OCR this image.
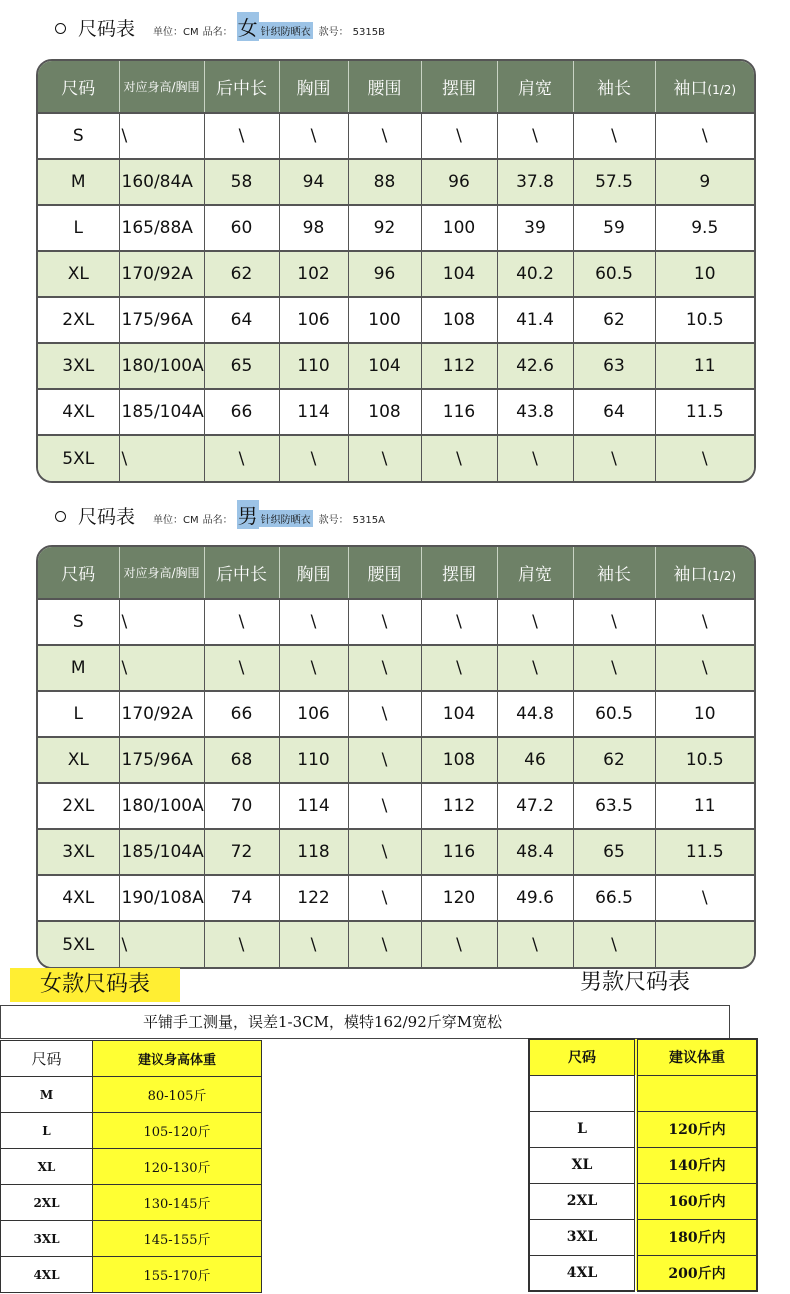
尺码表 单位：CM 品名： 女 针织防晒衣 款号： 5315B
尺码	对应身高/胸围	后中长	胸围	腰围	摆围	肩宽	袖长	袖口(1/2)
S	\	\	\	\	\	\	\	\
M	160/84A	58	94	88	96	37.8	57.5	9
L	165/88A	60	98	92	100	39	59	9.5
XL	170/92A	62	102	96	104	40.2	60.5	10
2XL	175/96A	64	106	100	108	41.4	62	10.5
3XL	180/100A	65	110	104	112	42.6	63	11
4XL	185/104A	66	114	108	116	43.8	64	11.5
5XL	\	\	\	\	\	\	\	\
尺码表 单位：CM 品名： 男 针织防晒衣 款号： 5315A
尺码	对应身高/胸围	后中长	胸围	腰围	摆围	肩宽	袖长	袖口(1/2)
S	\	\	\	\	\	\	\	\
M	\	\	\	\	\	\	\	\
L	170/92A	66	106	\	104	44.8	60.5	10
XL	175/96A	68	110	\	108	46	62	10.5
2XL	180/100A	70	114	\	112	47.2	63.5	11
3XL	185/104A	72	118	\	116	48.4	65	11.5
4XL	190/108A	74	122	\	120	49.6	66.5	\
5XL	\	\	\	\	\	\	\	
女款尺码表	男款尺码表
平铺手工测量，误差1-3CM，模特162/92斤穿M宽松
尺码	建议身高体重
M	80-105斤
L	105-120斤
XL	120-130斤
2XL	130-145斤
3XL	145-155斤
4XL	155-170斤
尺码	建议体重

L	120斤内
XL	140斤内
2XL	160斤内
3XL	180斤内
4XL	200斤内
